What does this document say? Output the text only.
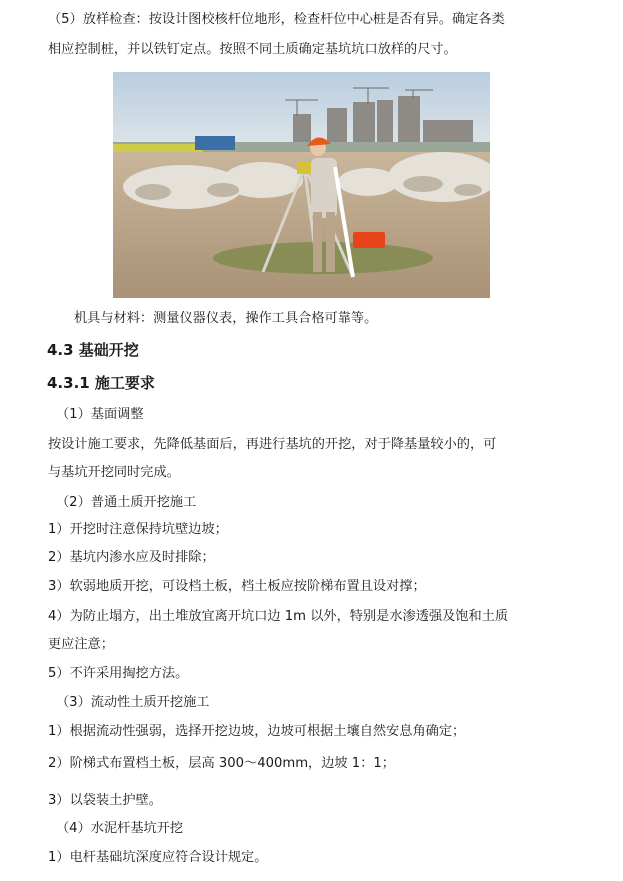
（5）放样检查：按设计图校核杆位地形，检查杆位中心桩是否有异。确定各类
相应控制桩，并以铁钉定点。按照不同土质确定基坑坑口放样的尺寸。
机具与材料：测量仪器仪表，操作工具合格可靠等。
4.3 基础开挖
4.3.1 施工要求
（1）基面调整
按设计施工要求，先降低基面后，再进行基坑的开挖，对于降基量较小的，可
与基坑开挖同时完成。
（2）普通土质开挖施工
1）开挖时注意保持坑壁边坡；
2）基坑内渗水应及时排除；
3）软弱地质开挖，可设档土板，档土板应按阶梯布置且设对撑；
4）为防止塌方，出土堆放宜离开坑口边 1m 以外，特别是水渗透强及饱和土质
更应注意；
5）不许采用掏挖方法。
（3）流动性土质开挖施工
1）根据流动性强弱，选择开挖边坡，边坡可根据土壤自然安息角确定；
2）阶梯式布置档土板，层高 300～400mm，边坡 1：1；
3）以袋装土护壁。
（4）水泥杆基坑开挖
1）电杆基础坑深度应符合设计规定。
